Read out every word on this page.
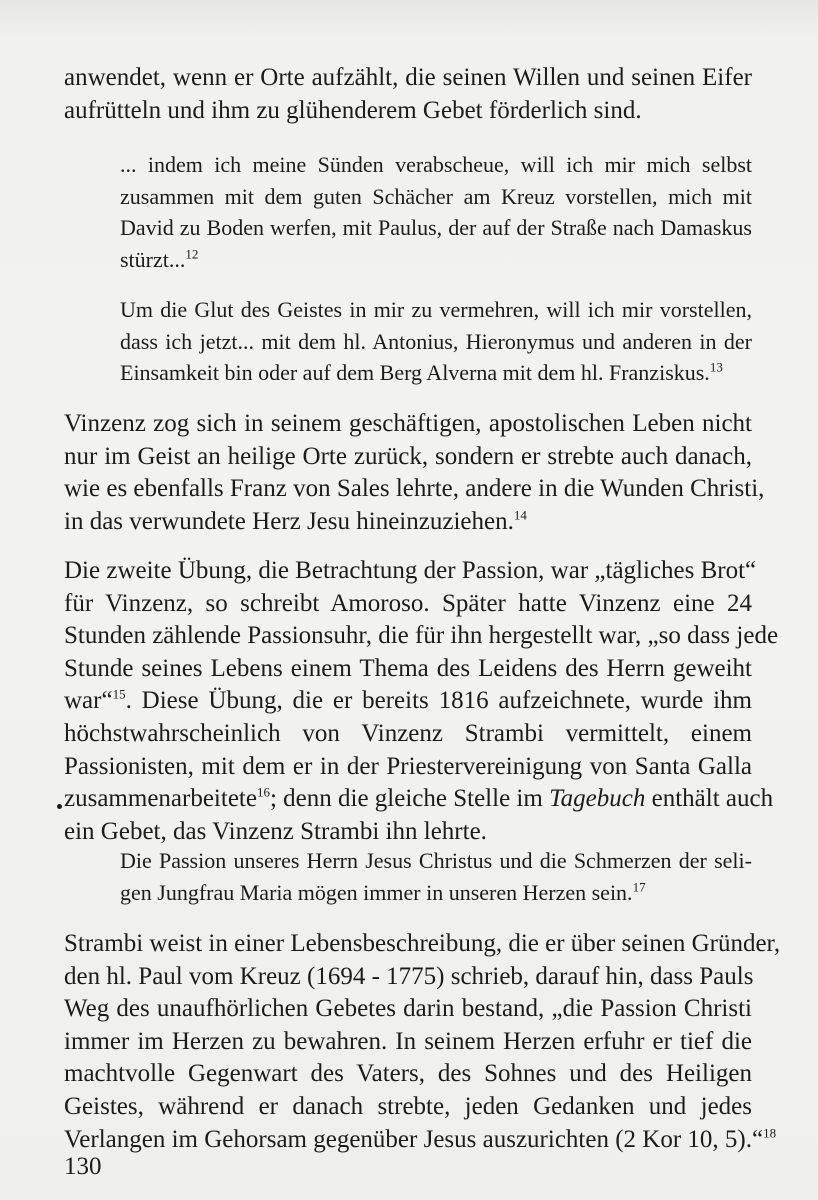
anwendet, wenn er Orte aufzählt, die seinen Willen und seinen Eifer
aufrütteln und ihm zu glühenderem Gebet förderlich sind.
... indem ich meine Sünden verabscheue, will ich mir mich selbst
zusammen mit dem guten Schächer am Kreuz vorstellen, mich mit
David zu Boden werfen, mit Paulus, der auf der Straße nach Damaskus
stürzt...$^{12}$
Um die Glut des Geistes in mir zu vermehren, will ich mir vorstellen,
dass ich jetzt... mit dem hl. Antonius, Hieronymus und anderen in der
Einsamkeit bin oder auf dem Berg Alverna mit dem hl. Franziskus.$^{13}$
Vinzenz zog sich in seinem geschäftigen, apostolischen Leben nicht
nur im Geist an heilige Orte zurück, sondern er strebte auch danach,
wie es ebenfalls Franz von Sales lehrte, andere in die Wunden Christi,
in das verwundete Herz Jesu hineinzuziehen.$^{14}$
Die zweite Übung, die Betrachtung der Passion, war „tägliches Brot“
für Vinzenz, so schreibt Amoroso. Später hatte Vinzenz eine 24
Stunden zählende Passionsuhr, die für ihn hergestellt war, „so dass jede
Stunde seines Lebens einem Thema des Leidens des Herrn geweiht
war“$^{15}$. Diese Übung, die er bereits 1816 aufzeichnete, wurde ihm
höchstwahrscheinlich von Vinzenz Strambi vermittelt, einem
Passionisten, mit dem er in der Priestervereinigung von Santa Galla
zusammenarbeitete$^{16}$; denn die gleiche Stelle im Tagebuch enthält auch
ein Gebet, das Vinzenz Strambi ihn lehrte.
Die Passion unseres Herrn Jesus Christus und die Schmerzen der seli-
gen Jungfrau Maria mögen immer in unseren Herzen sein.$^{17}$
Strambi weist in einer Lebensbeschreibung, die er über seinen Gründer,
den hl. Paul vom Kreuz (1694 - 1775) schrieb, darauf hin, dass Pauls
Weg des unaufhörlichen Gebetes darin bestand, „die Passion Christi
immer im Herzen zu bewahren. In seinem Herzen erfuhr er tief die
machtvolle Gegenwart des Vaters, des Sohnes und des Heiligen
Geistes, während er danach strebte, jeden Gedanken und jedes
Verlangen im Gehorsam gegenüber Jesus auszurichten (2 Kor 10, 5).“$^{18}$
130
